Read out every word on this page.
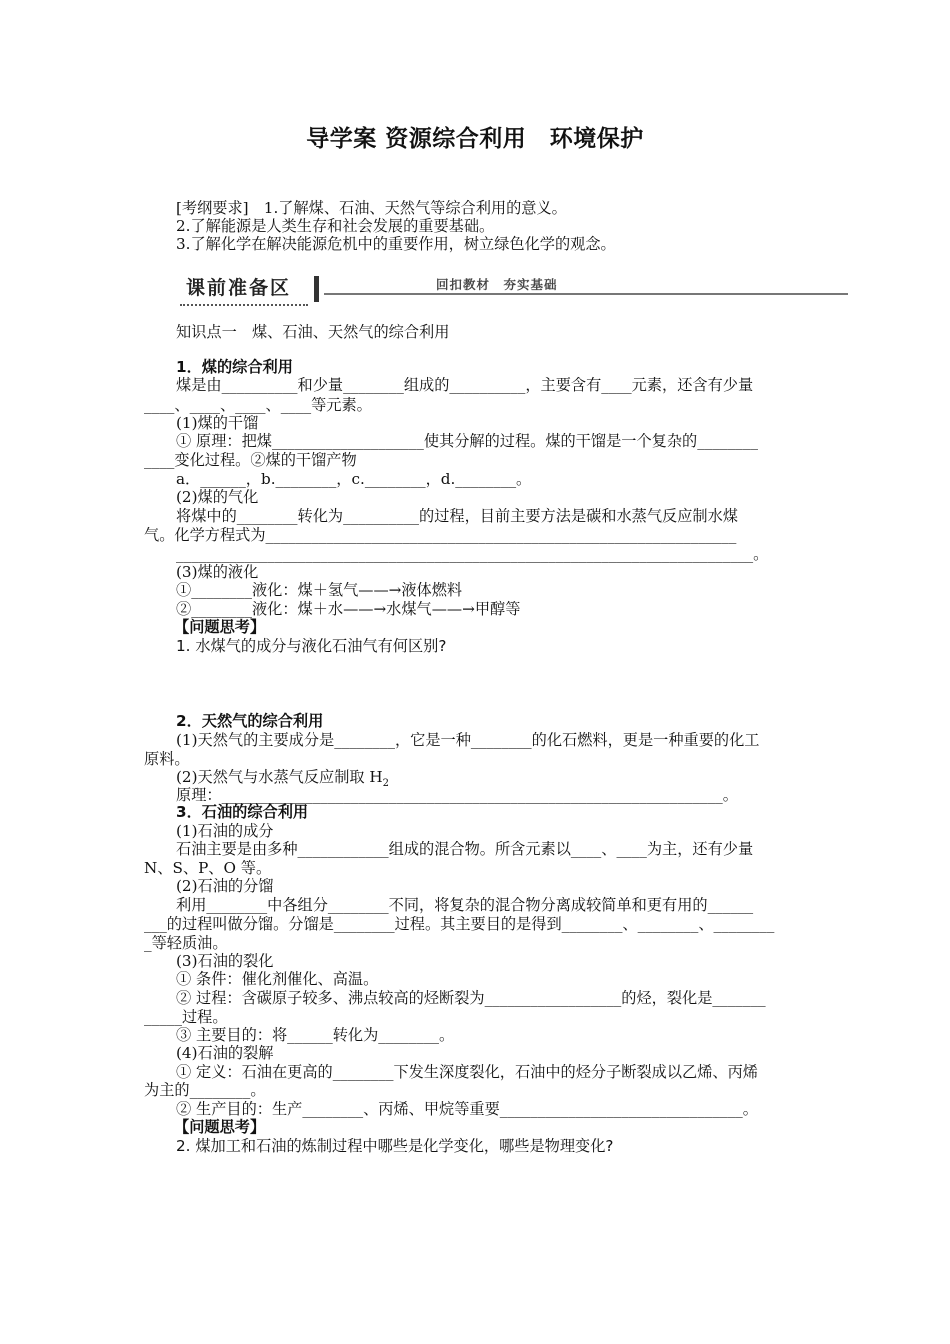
导学案 资源综合利用　环境保护
[考纲要求]　1.了解煤、石油、天然气等综合利用的意义。
2.了解能源是人类生存和社会发展的重要基础。
3.了解化学在解决能源危机中的重要作用，树立绿色化学的观念。
课前准备区	回扣教材　夯实基础
知识点一　煤、石油、天然气的综合利用
1．煤的综合利用
煤是由__________和少量________组成的__________，主要含有____元素，还含有少量
____、____、____、____等元素。
(1)煤的干馏
① 原理：把煤____________________使其分解的过程。煤的干馏是一个复杂的________
____变化过程。②煤的干馏产物
a．______，b.________，c.________，d.________。
(2)煤的气化
将煤中的________转化为__________的过程，目前主要方法是碳和水蒸气反应制水煤
气。化学方程式为______________________________________________________________
____________________________________________________________________________。
(3)煤的液化
①________液化：煤＋氢气——→液体燃料
②________液化：煤＋水——→水煤气——→甲醇等
【问题思考】
1. 水煤气的成分与液化石油气有何区别?
2．天然气的综合利用
(1)天然气的主要成分是________，它是一种________的化石燃料，更是一种重要的化工
原料。
(2)天然气与水蒸气反应制取 $H_2$
原理：__________________________________________________________________。
3．石油的综合利用
(1)石油的成分
石油主要是由多种____________组成的混合物。所含元素以____、____为主，还有少量
N、S、P、O 等。
(2)石油的分馏
利用________中各组分________不同，将复杂的混合物分离成较简单和更有用的______
___的过程叫做分馏。分馏是________过程。其主要目的是得到________、________、________
_等轻质油。
(3)石油的裂化
① 条件：催化剂催化、高温。
② 过程：含碳原子较多、沸点较高的烃断裂为__________________的烃，裂化是_______
_____过程。
③ 主要目的：将______转化为________。
(4)石油的裂解
① 定义：石油在更高的________下发生深度裂化，石油中的烃分子断裂成以乙烯、丙烯
为主的________。
② 生产目的：生产________、丙烯、甲烷等重要________________________________。
【问题思考】
2. 煤加工和石油的炼制过程中哪些是化学变化，哪些是物理变化?
